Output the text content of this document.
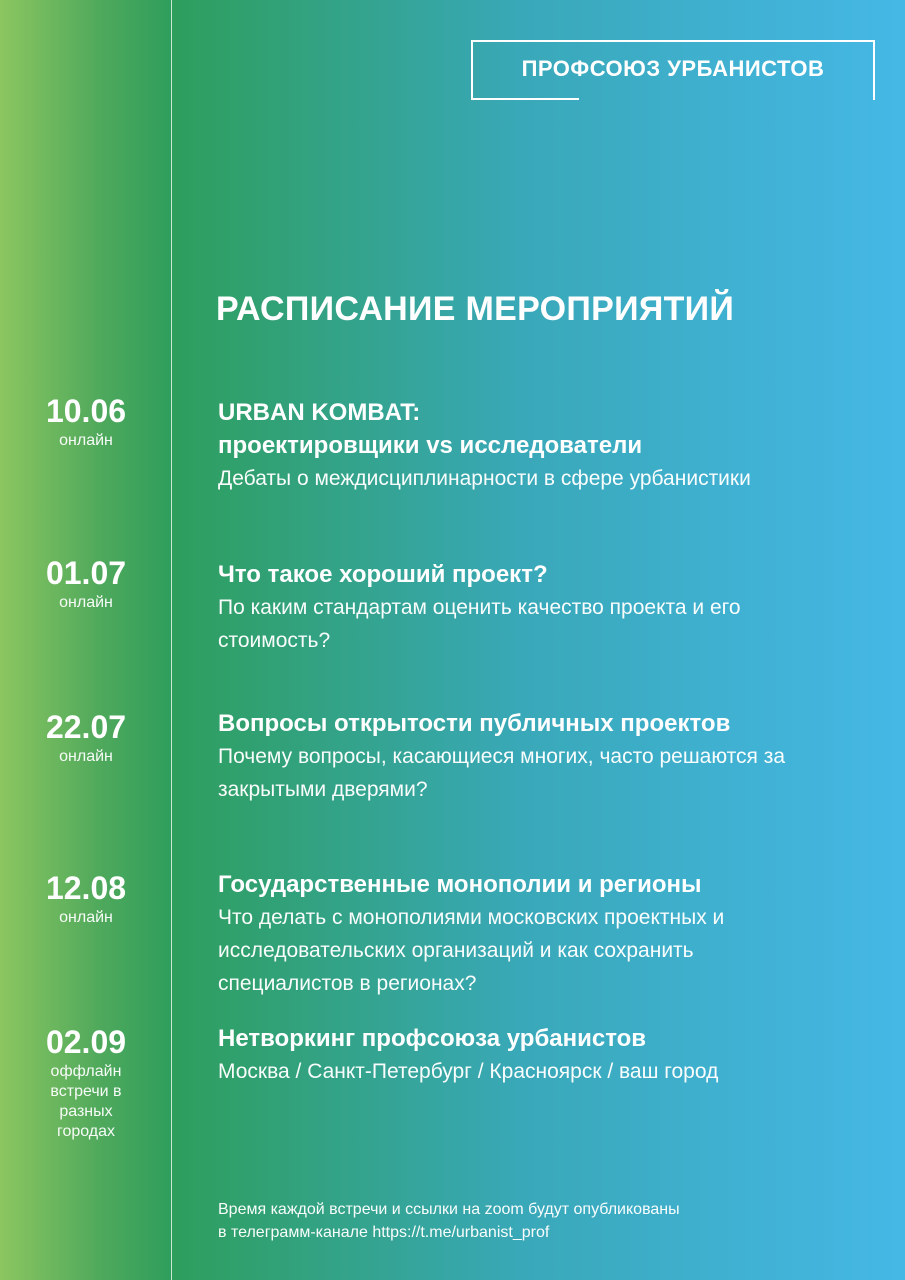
ПРОФСОЮЗ УРБАНИСТОВ
РАСПИСАНИЕ МЕРОПРИЯТИЙ
10.06
онлайн
URBAN KOMBAT:
проектировщики vs исследователи
Дебаты о междисциплинарности в сфере урбанистики
01.07
онлайн
Что такое хороший проект?
По каким стандартам оценить качество проекта и его стоимость?
22.07
онлайн
Вопросы открытости публичных проектов
Почему вопросы, касающиеся многих, часто решаются за закрытыми дверями?
12.08
онлайн
Государственные монополии и регионы
Что делать с монополиями московских проектных и исследовательских организаций и как сохранить специалистов в регионах?
02.09
оффлайн встречи в разных городах
Нетворкинг профсоюза урбанистов
Москва / Санкт-Петербург / Красноярск / ваш город
Время каждой встречи и ссылки на zoom будут опубликованы
в телеграмм-канале https://t.me/urbanist_prof
